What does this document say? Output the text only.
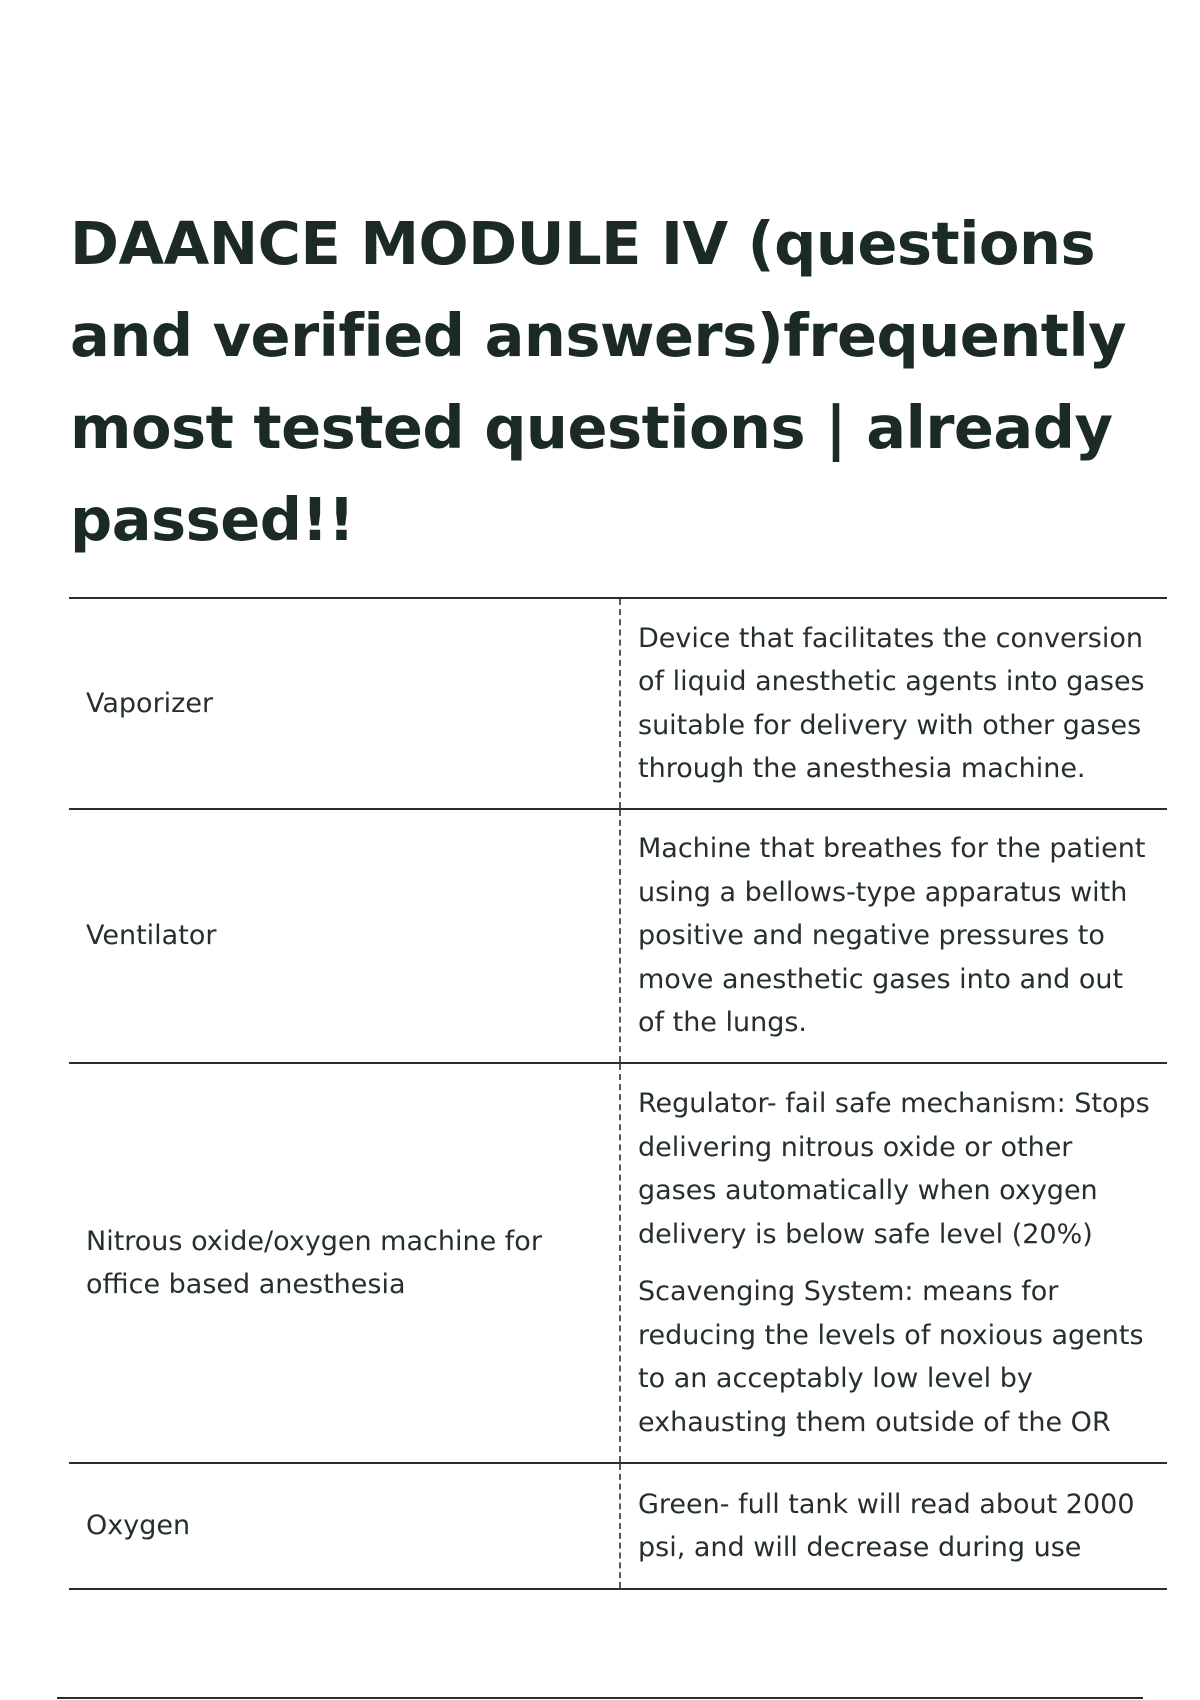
DAANCE MODULE IV (questions and verified answers)frequently most tested questions | already passed!!
Vaporizer	Device that facilitates the conversion of liquid anesthetic agents into gases suitable for delivery with other gases through the anesthesia machine.

Ventilator	Machine that breathes for the patient using a bellows-type apparatus with positive and negative pressures to move anesthetic gases into and out of the lungs.

Nitrous oxide/oxygen machine for office based anesthesia	Regulator- fail safe mechanism: Stops delivering nitrous oxide or other gases automatically when oxygen delivery is below safe level (20%)

Scavenging System: means for reducing the levels of noxious agents to an acceptably low level by exhausting them outside of the OR

Oxygen	Green- full tank will read about 2000 psi, and will decrease during use
